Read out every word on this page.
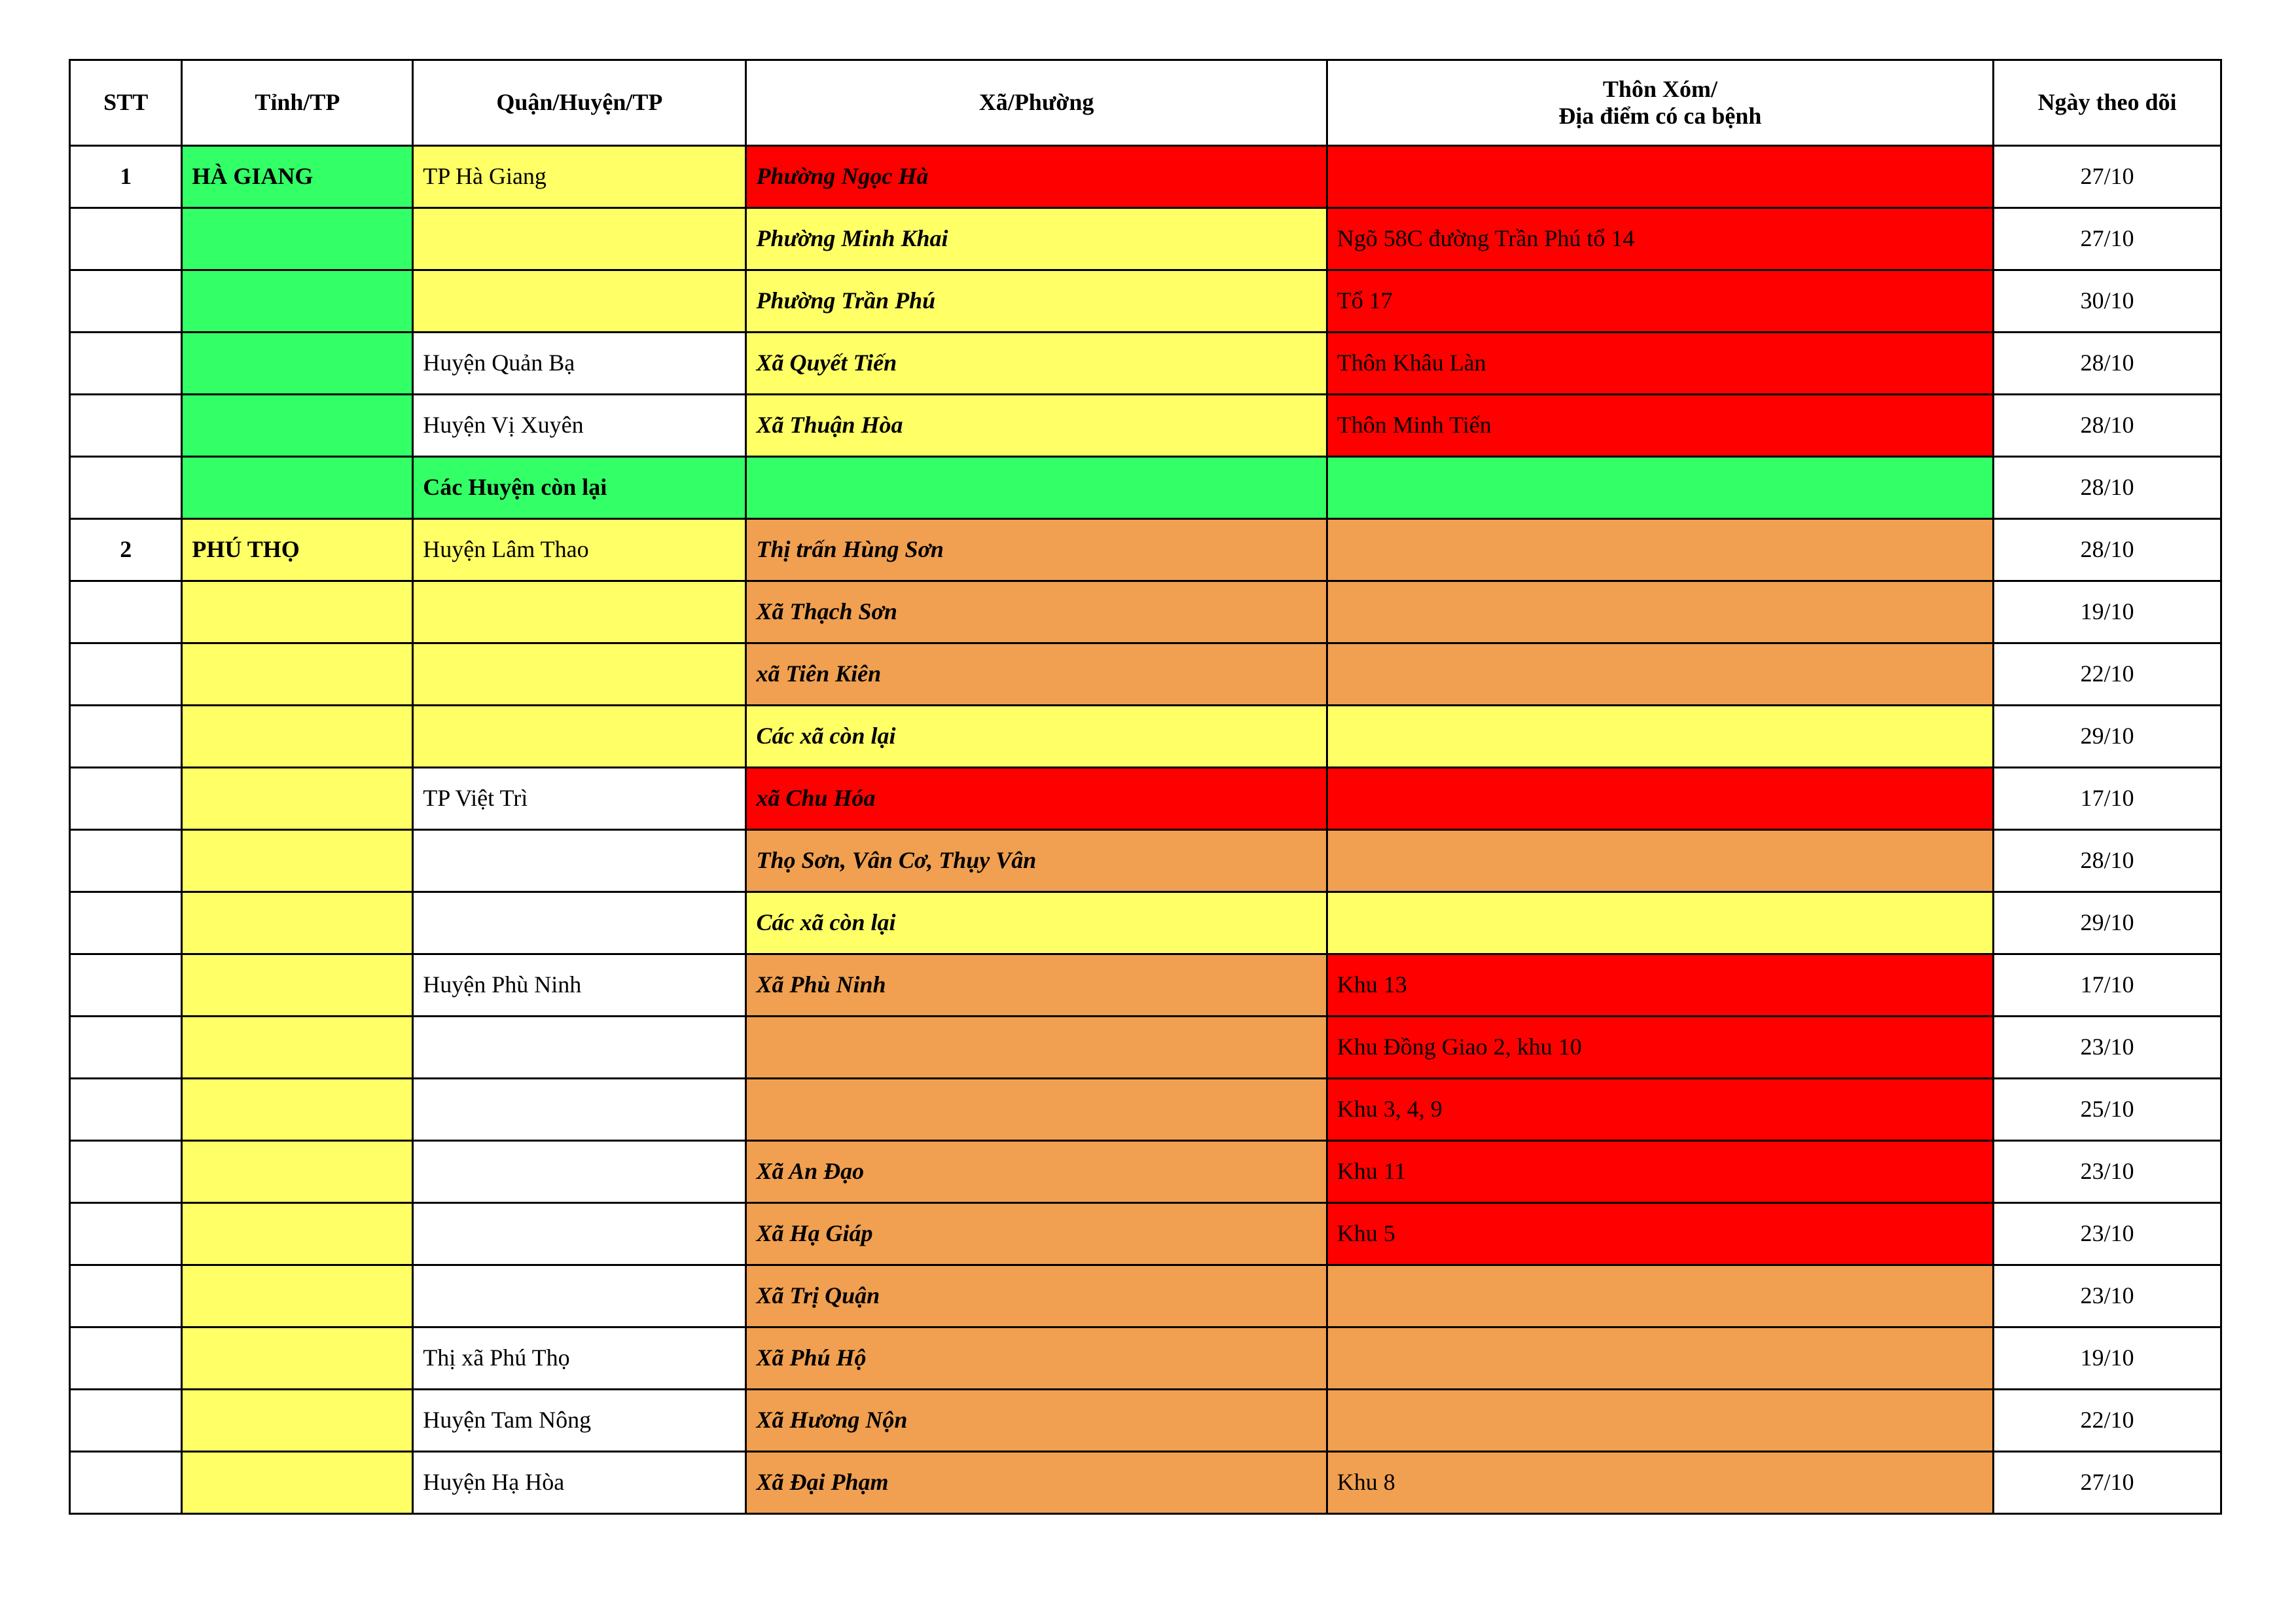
STT	Tỉnh/TP	Quận/Huyện/TP	Xã/Phường	Thôn Xóm/
Địa điểm có ca bệnh	Ngày theo dõi

1	HÀ GIANG	TP Hà Giang	Phường Ngọc Hà		27/10
			Phường Minh Khai	Ngõ 58C đường Trần Phú tổ 14	27/10
			Phường Trần Phú	Tổ 17	30/10
		Huyện Quản Bạ	Xã Quyết Tiến	Thôn Khâu Làn	28/10
		Huyện Vị Xuyên	Xã Thuận Hòa	Thôn Minh Tiến	28/10
		Các Huyện còn lại			28/10
2	PHÚ THỌ	Huyện Lâm Thao	Thị trấn Hùng Sơn		28/10
			Xã Thạch Sơn		19/10
			xã Tiên Kiên		22/10
			Các xã còn lại		29/10
		TP Việt Trì	xã Chu Hóa		17/10
			Thọ Sơn, Vân Cơ, Thụy Vân		28/10
			Các xã còn lại		29/10
		Huyện Phù Ninh	Xã Phù Ninh	Khu 13	17/10
				Khu Đồng Giao 2, khu 10	23/10
				Khu 3, 4, 9	25/10
			Xã An Đạo	Khu 11	23/10
			Xã Hạ Giáp	Khu 5	23/10
			Xã Trị Quận		23/10
		Thị xã Phú Thọ	Xã Phú Hộ		19/10
		Huyện Tam Nông	Xã Hương Nộn		22/10
		Huyện Hạ Hòa	Xã Đại Phạm	Khu 8	27/10
